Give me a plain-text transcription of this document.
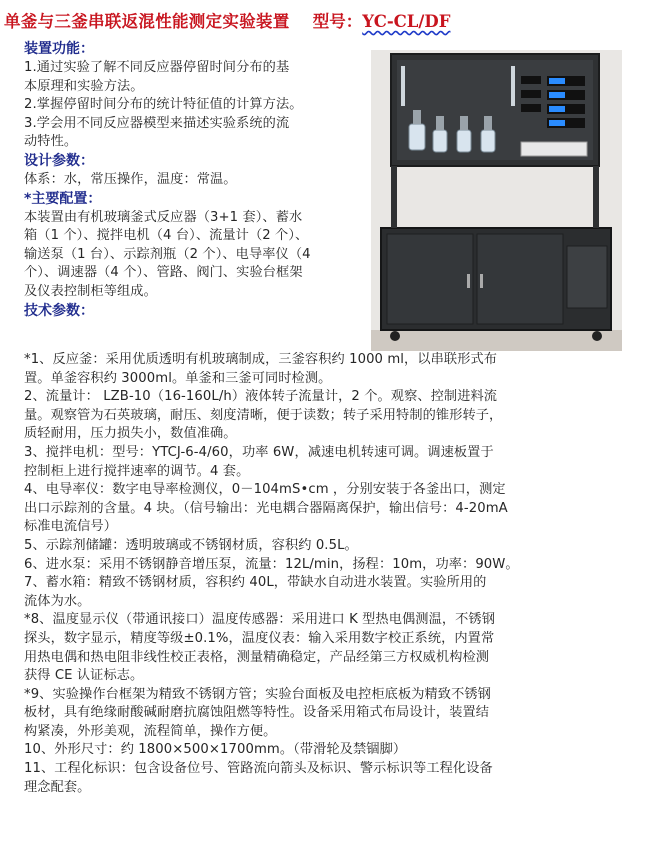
单釜与三釜串联返混性能测定实验装置 型号：YC-CL/DF

装置功能：

1.通过实验了解不同反应器停留时间分布的基

本原理和实验方法。

2.掌握停留时间分布的统计特征值的计算方法。

3.学会用不同反应器模型来描述实验系统的流

动特性。

设计参数：

体系：水，常压操作，温度：常温。

*主要配置：

本装置由有机玻璃釜式反应器（3+1 套）、蓄水

箱（1 个）、搅拌电机（4 台）、流量计（2 个）、

输送泵（1 台）、示踪剂瓶（2 个）、电导率仪（4

个）、调速器（4 个）、管路、阀门、实验台框架

及仪表控制柜等组成。

技术参数：

*1、反应釜：采用优质透明有机玻璃制成，三釜容积约 1000 ml，以串联形式布

置。单釜容积约 3000ml。单釜和三釜可同时检测。

2、流量计： LZB-10（16-160L/h）液体转子流量计，2 个。观察、控制进料流

量。观察管为石英玻璃，耐压、刻度清晰，便于读数；转子采用特制的锥形转子，

质轻耐用，压力损失小，数值准确。

3、搅拌电机：型号：YTCJ-6-4/60，功率 6W，减速电机转速可调。调速板置于

控制柜上进行搅拌速率的调节。4 套。

4、电导率仪：数字电导率检测仪，0－104mS•cm ，分别安装于各釜出口，测定

出口示踪剂的含量。4 块。（信号输出：光电耦合器隔离保护，输出信号：4-20mA

标准电流信号）

5、示踪剂储罐：透明玻璃或不锈钢材质，容积约 0.5L。

6、进水泵：采用不锈钢静音增压泵，流量：12L/min，扬程：10m，功率：90W。

7、蓄水箱：精致不锈钢材质，容积约 40L，带缺水自动进水装置。实验所用的

流体为水。

*8、温度显示仪（带通讯接口）温度传感器：采用进口 K 型热电偶测温，不锈钢

探头，数字显示，精度等级±0.1%，温度仪表：输入采用数字校正系统，内置常

用热电偶和热电阻非线性校正表格，测量精确稳定，产品经第三方权威机构检测

获得 CE 认证标志。

*9、实验操作台框架为精致不锈钢方管；实验台面板及电控柜底板为精致不锈钢

板材，具有绝缘耐酸碱耐磨抗腐蚀阻燃等特性。设备采用箱式布局设计，装置结

构紧凑，外形美观，流程简单，操作方便。

10、外形尺寸：约 1800×500×1700mm。（带滑轮及禁锢脚）

11、工程化标识：包含设备位号、管路流向箭头及标识、警示标识等工程化设备

理念配套。
